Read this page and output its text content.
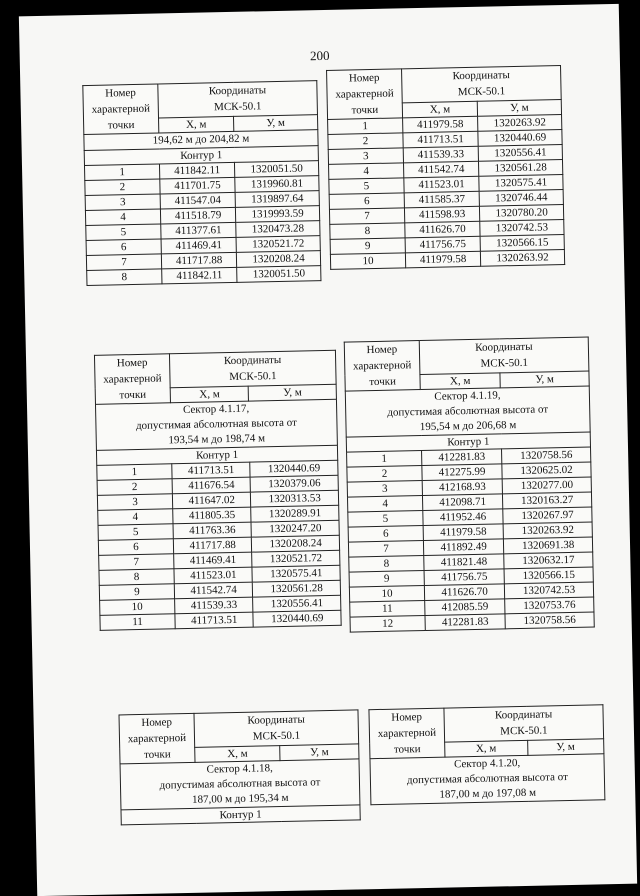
200
Номер
характерной
точки	Координаты
МСК-50.1	
	X, м	У, м
194,62 м до 204,82 м		
Контур 1		
1	411842.11	1320051.50
2	411701.75	1319960.81
3	411547.04	1319897.64
4	411518.79	1319993.59
5	411377.61	1320473.28
6	411469.41	1320521.72
7	411717.88	1320208.24
8	411842.11	1320051.50
Номер
характерной
точки	Координаты
МСК-50.1	
	X, м	У, м
1	411979.58	1320263.92
2	411713.51	1320440.69
3	411539.33	1320556.41
4	411542.74	1320561.28
5	411523.01	1320575.41
6	411585.37	1320746.44
7	411598.93	1320780.20
8	411626.70	1320742.53
9	411756.75	1320566.15
10	411979.58	1320263.92
Номер
характерной
точки	Координаты
МСК-50.1	
	X, м	У, м
Сектор 4.1.17,
допустимая абсолютная высота от
193,54 м до 198,74 м		
Контур 1		
1	411713.51	1320440.69
2	411676.54	1320379.06
3	411647.02	1320313.53
4	411805.35	1320289.91
5	411763.36	1320247.20
6	411717.88	1320208.24
7	411469.41	1320521.72
8	411523.01	1320575.41
9	411542.74	1320561.28
10	411539.33	1320556.41
11	411713.51	1320440.69
Номер
характерной
точки	Координаты
МСК-50.1	
	X, м	У, м
Сектор 4.1.19,
допустимая абсолютная высота от
195,54 м до 206,68 м		
Контур 1		
1	412281.83	1320758.56
2	412275.99	1320625.02
3	412168.93	1320277.00
4	412098.71	1320163.27
5	411952.46	1320267.97
6	411979.58	1320263.92
7	411892.49	1320691.38
8	411821.48	1320632.17
9	411756.75	1320566.15
10	411626.70	1320742.53
11	412085.59	1320753.76
12	412281.83	1320758.56
Номер
характерной
точки	Координаты
МСК-50.1	
	X, м	У, м
Сектор 4.1.18,
допустимая абсолютная высота от
187,00 м до 195,34 м		
Контур 1		
Номер
характерной
точки	Координаты
МСК-50.1	
	X, м	У, м
Сектор 4.1.20,
допустимая абсолютная высота от
187,00 м до 197,08 м		
